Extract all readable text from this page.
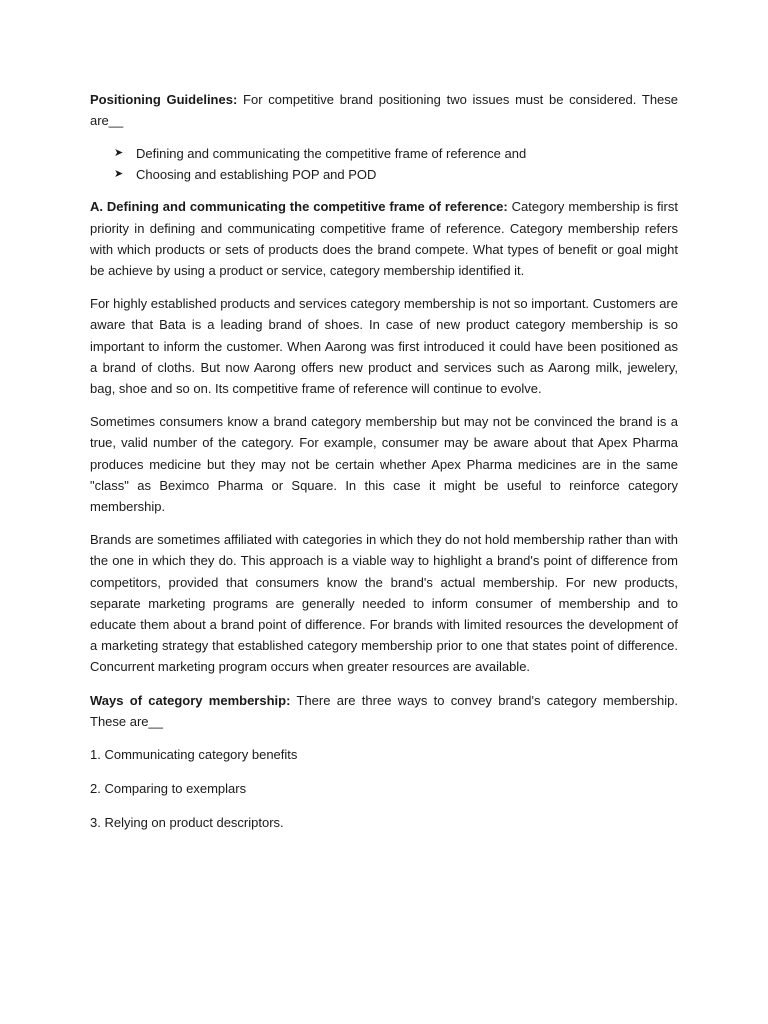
Positioning Guidelines: For competitive brand positioning two issues must be considered. These are__

➤ Defining and communicating the competitive frame of reference and
➤ Choosing and establishing POP and POD

A. Defining and communicating the competitive frame of reference: Category membership is first priority in defining and communicating competitive frame of reference. Category membership refers with which products or sets of products does the brand compete. What types of benefit or goal might be achieve by using a product or service, category membership identified it.

For highly established products and services category membership is not so important. Customers are aware that Bata is a leading brand of shoes. In case of new product category membership is so important to inform the customer. When Aarong was first introduced it could have been positioned as a brand of cloths. But now Aarong offers new product and services such as Aarong milk, jewelery, bag, shoe and so on. Its competitive frame of reference will continue to evolve.

Sometimes consumers know a brand category membership but may not be convinced the brand is a true, valid number of the category. For example, consumer may be aware about that Apex Pharma produces medicine but they may not be certain whether Apex Pharma medicines are in the same "class" as Beximco Pharma or Square. In this case it might be useful to reinforce category membership.

Brands are sometimes affiliated with categories in which they do not hold membership rather than with the one in which they do. This approach is a viable way to highlight a brand's point of difference from competitors, provided that consumers know the brand's actual membership. For new products, separate marketing programs are generally needed to inform consumer of membership and to educate them about a brand point of difference. For brands with limited resources the development of a marketing strategy that established category membership prior to one that states point of difference. Concurrent marketing program occurs when greater resources are available.

Ways of category membership: There are three ways to convey brand's category membership. These are__

1. Communicating category benefits

2. Comparing to exemplars

3. Relying on product descriptors.
